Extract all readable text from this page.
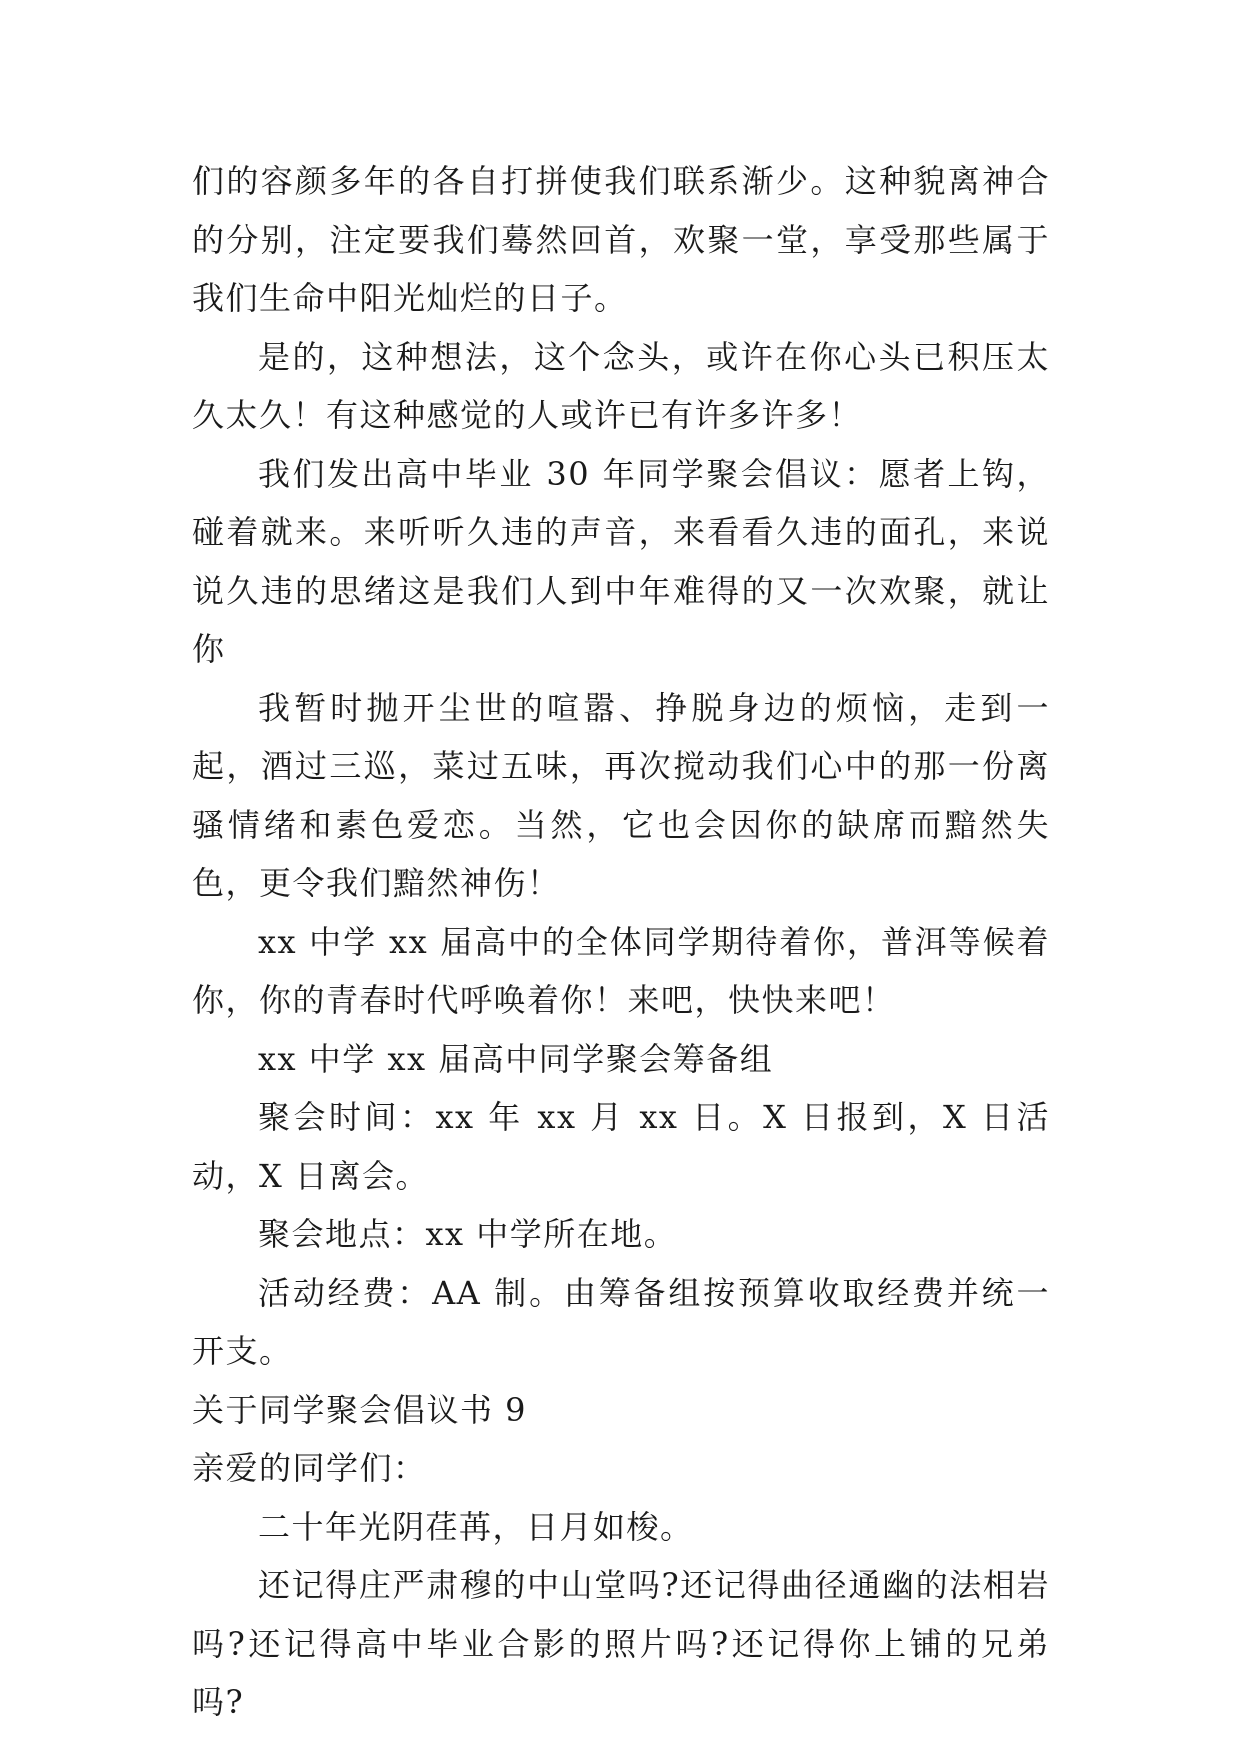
们的容颜多年的各自打拼使我们联系渐少。这种貌离神合的分别，注定要我们蓦然回首，欢聚一堂，享受那些属于我们生命中阳光灿烂的日子。

是的，这种想法，这个念头，或许在你心头已积压太久太久！有这种感觉的人或许已有许多许多！

我们发出高中毕业 30 年同学聚会倡议：愿者上钩，碰着就来。来听听久违的声音，来看看久违的面孔，来说说久违的思绪这是我们人到中年难得的又一次欢聚，就让你

我暂时抛开尘世的喧嚣、挣脱身边的烦恼，走到一起，酒过三巡，菜过五味，再次搅动我们心中的那一份离骚情绪和素色爱恋。当然，它也会因你的缺席而黯然失色，更令我们黯然神伤！

xx 中学 xx 届高中的全体同学期待着你，普洱等候着你，你的青春时代呼唤着你！来吧，快快来吧！

xx 中学 xx 届高中同学聚会筹备组

聚会时间：xx 年 xx 月 xx 日。X 日报到，X 日活动，X 日离会。

聚会地点：xx 中学所在地。

活动经费：AA 制。由筹备组按预算收取经费并统一开支。

关于同学聚会倡议书 9

亲爱的同学们：

二十年光阴荏苒，日月如梭。

还记得庄严肃穆的中山堂吗?还记得曲径通幽的法相岩吗?还记得高中毕业合影的照片吗?还记得你上铺的兄弟吗?
